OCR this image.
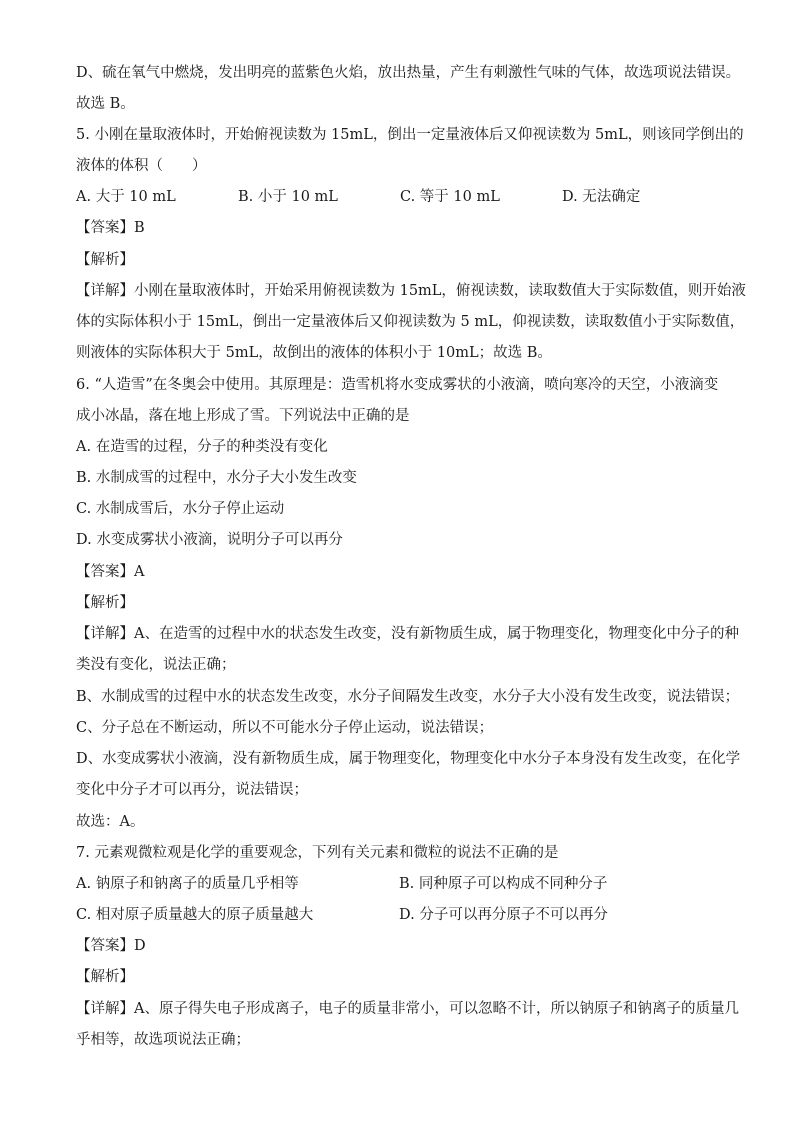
D、硫在氧气中燃烧，发出明亮的蓝紫色火焰，放出热量，产生有刺激性气味的气体，故选项说法错误。
故选 B。
5. 小刚在量取液体时，开始俯视读数为 15mL，倒出一定量液体后又仰视读数为 5mL，则该同学倒出的
液体的体积（　　）
A. 大于 10 mL	B. 小于 10 mL	C. 等于 10 mL	D. 无法确定
【答案】B
【解析】
【详解】小刚在量取液体时，开始采用俯视读数为 15mL，俯视读数，读取数值大于实际数值，则开始液
体的实际体积小于 15mL，倒出一定量液体后又仰视读数为 5 mL，仰视读数，读取数值小于实际数值，
则液体的实际体积大于 5mL，故倒出的液体的体积小于 10mL；故选 B。
6. “人造雪”在冬奥会中使用。其原理是：造雪机将水变成雾状的小液滴，喷向寒冷的天空，小液滴变
成小冰晶，落在地上形成了雪。下列说法中正确的是
A. 在造雪的过程，分子的种类没有变化
B. 水制成雪的过程中，水分子大小发生改变
C. 水制成雪后，水分子停止运动
D. 水变成雾状小液滴，说明分子可以再分
【答案】A
【解析】
【详解】A、在造雪的过程中水的状态发生改变，没有新物质生成，属于物理变化，物理变化中分子的种
类没有变化，说法正确；
B、水制成雪的过程中水的状态发生改变，水分子间隔发生改变，水分子大小没有发生改变，说法错误；
C、分子总在不断运动，所以不可能水分子停止运动，说法错误；
D、水变成雾状小液滴，没有新物质生成，属于物理变化，物理变化中水分子本身没有发生改变，在化学
变化中分子才可以再分，说法错误；
故选：A。
7. 元素观微粒观是化学的重要观念，下列有关元素和微粒的说法不正确的是
A. 钠原子和钠离子的质量几乎相等	B. 同种原子可以构成不同种分子
C. 相对原子质量越大的原子质量越大	D. 分子可以再分原子不可以再分
【答案】D
【解析】
【详解】A、原子得失电子形成离子，电子的质量非常小，可以忽略不计，所以钠原子和钠离子的质量几
乎相等，故选项说法正确；
